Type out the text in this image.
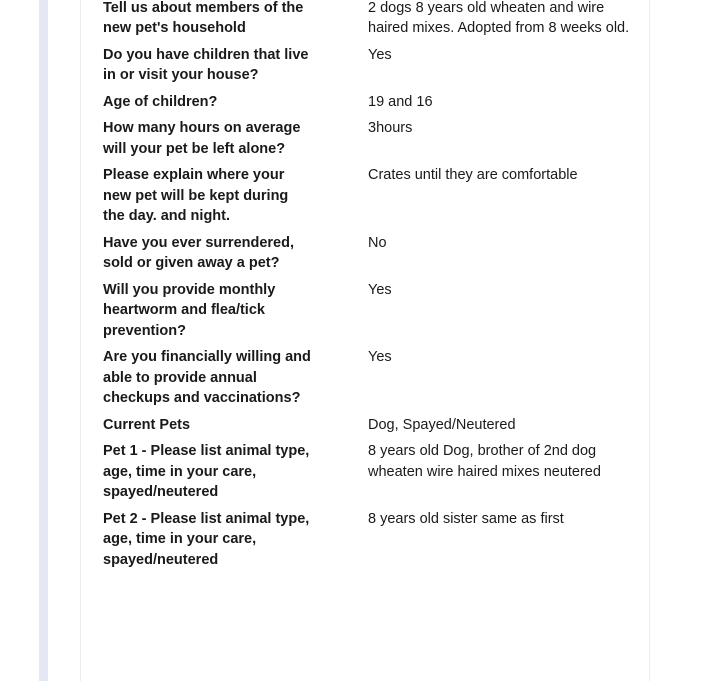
Tell us about members of the new pet's household	2 dogs 8 years old wheaten and wire haired mixes. Adopted from 8 weeks old.

Do you have children that live in or visit your house?	Yes

Age of children?	19 and 16

How many hours on average will your pet be left alone?	3hours

Please explain where your new pet will be kept during the day. and night.	Crates until they are comfortable

Have you ever surrendered, sold or given away a pet?	No

Will you provide monthly heartworm and flea/tick prevention?	Yes

Are you financially willing and able to provide annual checkups and vaccinations?	Yes

Current Pets	Dog, Spayed/Neutered

Pet 1 - Please list animal type, age, time in your care, spayed/neutered	8 years old Dog, brother of 2nd dog wheaten wire haired mixes neutered

Pet 2 - Please list animal type, age, time in your care, spayed/neutered	8 years old sister same as first
